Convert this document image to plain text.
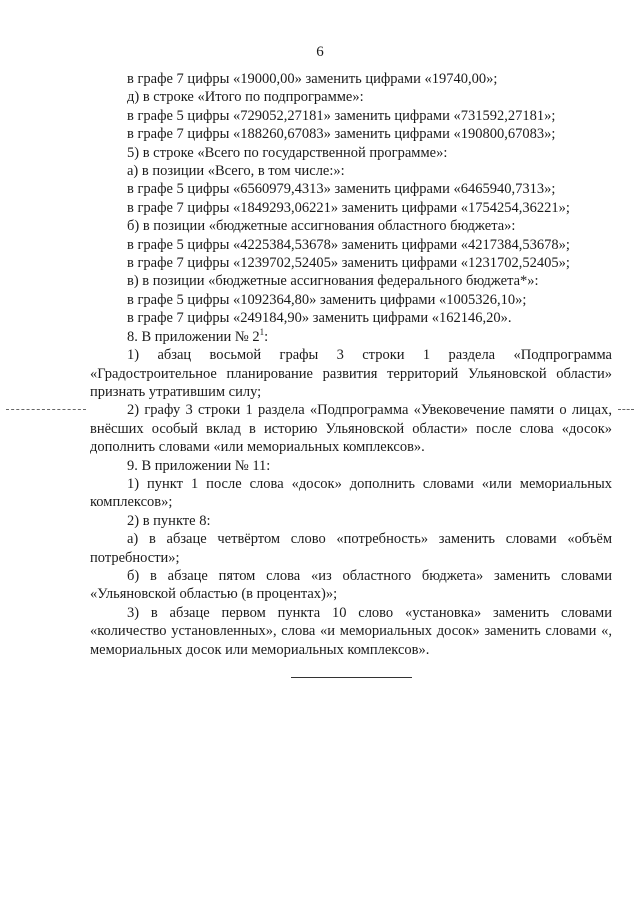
6

в графе 7 цифры «19000,00» заменить цифрами «19740,00»;

д) в строке «Итого по подпрограмме»:

в графе 5 цифры «729052,27181» заменить цифрами «731592,27181»;

в графе 7 цифры «188260,67083» заменить цифрами «190800,67083»;

5) в строке «Всего по государственной программе»:

а) в позиции «Всего, в том числе:»:

в графе 5 цифры «6560979,4313» заменить цифрами «6465940,7313»;

в графе 7 цифры «1849293,06221» заменить цифрами «1754254,36221»;

б) в позиции «бюджетные ассигнования областного бюджета»:

в графе 5 цифры «4225384,53678» заменить цифрами «4217384,53678»;

в графе 7 цифры «1239702,52405» заменить цифрами «1231702,52405»;

в) в позиции «бюджетные ассигнования федерального бюджета*»:

в графе 5 цифры «1092364,80» заменить цифрами «1005326,10»;

в графе 7 цифры «249184,90» заменить цифрами «162146,20».

8. В приложении № $2^1$:

1) абзац восьмой графы 3 строки 1 раздела «Подпрограмма «Градостроительное планирование развития территорий Ульяновской области» признать утратившим силу;

2) графу 3 строки 1 раздела «Подпрограмма «Увековечение памяти о лицах, внёсших особый вклад в историю Ульяновской области» после слова «досок» дополнить словами «или мемориальных комплексов».

9. В приложении № 11:

1) пункт 1 после слова «досок» дополнить словами «или мемориальных комплексов»;

2) в пункте 8:

а) в абзаце четвёртом слово «потребность» заменить словами «объём потребности»;

б) в абзаце пятом слова «из областного бюджета» заменить словами «Ульяновской областью (в процентах)»;

3) в абзаце первом пункта 10 слово «установка» заменить словами «количество установленных», слова «и мемориальных досок» заменить словами «, мемориальных досок или мемориальных комплексов».
